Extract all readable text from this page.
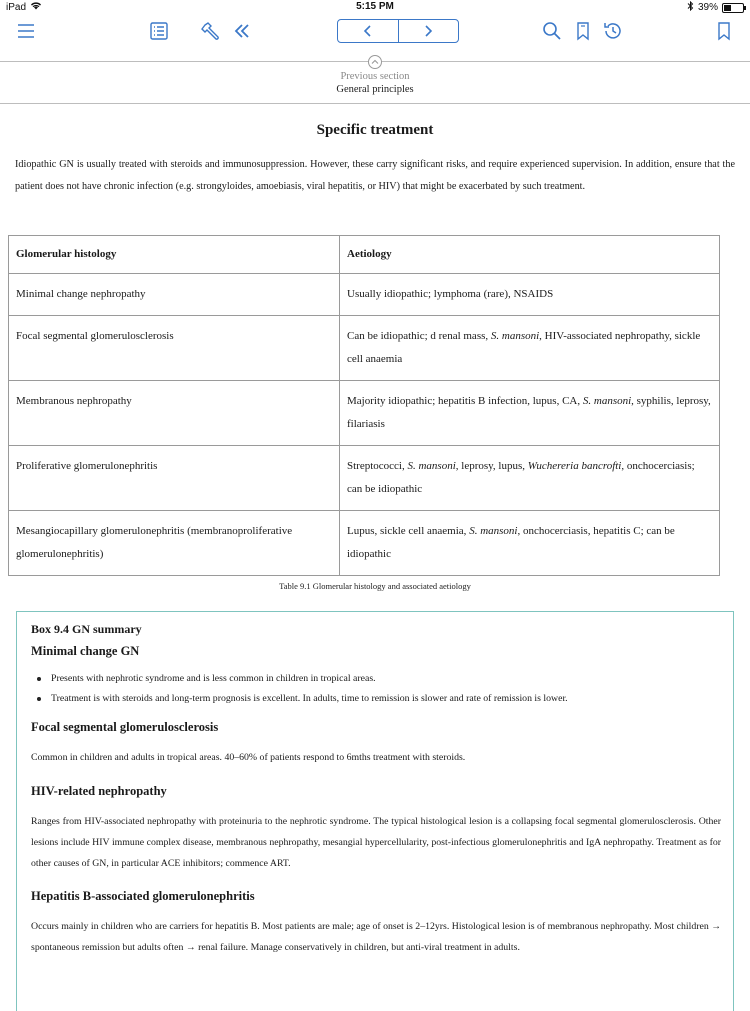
iPad	5:15 PM	39%
Previous section
General principles
Specific treatment

Idiopathic GN is usually treated with steroids and immunosuppression. However, these carry significant risks, and require experienced supervision. In addition, ensure that the patient does not have chronic infection (e.g. strongyloides, amoebiasis, viral hepatitis, or HIV) that might be exacerbated by such treatment.

Glomerular histology	Aetiology
Minimal change nephropathy	Usually idiopathic; lymphoma (rare), NSAIDS
Focal segmental glomerulosclerosis	Can be idiopathic; d renal mass, S. mansoni, HIV-associated nephropathy, sickle cell anaemia
Membranous nephropathy	Majority idiopathic; hepatitis B infection, lupus, CA, S. mansoni, syphilis, leprosy, filariasis
Proliferative glomerulonephritis	Streptococci, S. mansoni, leprosy, lupus, Wuchereria bancrofti, onchocerciasis; can be idiopathic
Mesangiocapillary glomerulonephritis (membranoproliferative glomerulonephritis)	Lupus, sickle cell anaemia, S. mansoni, onchocerciasis, hepatitis C; can be idiopathic
Table 9.1 Glomerular histology and associated aetiology
Box 9.4 GN summary
Minimal change GN
Presents with nephrotic syndrome and is less common in children in tropical areas.
Treatment is with steroids and long-term prognosis is excellent. In adults, time to remission is slower and rate of remission is lower.
Focal segmental glomerulosclerosis

Common in children and adults in tropical areas. 40–60% of patients respond to 6mths treatment with steroids.

HIV-related nephropathy

Ranges from HIV-associated nephropathy with proteinuria to the nephrotic syndrome. The typical histological lesion is a collapsing focal segmental glomerulosclerosis. Other lesions include HIV immune complex disease, membranous nephropathy, mesangial hypercellularity, post-infectious glomerulonephritis and IgA nephropathy. Treatment as for other causes of GN, in particular ACE inhibitors; commence ART.

Hepatitis B-associated glomerulonephritis

Occurs mainly in children who are carriers for hepatitis B. Most patients are male; age of onset is 2–12yrs. Histological lesion is of membranous nephropathy. Most children → spontaneous remission but adults often → renal failure. Manage conservatively in children, but anti-viral treatment in adults.
